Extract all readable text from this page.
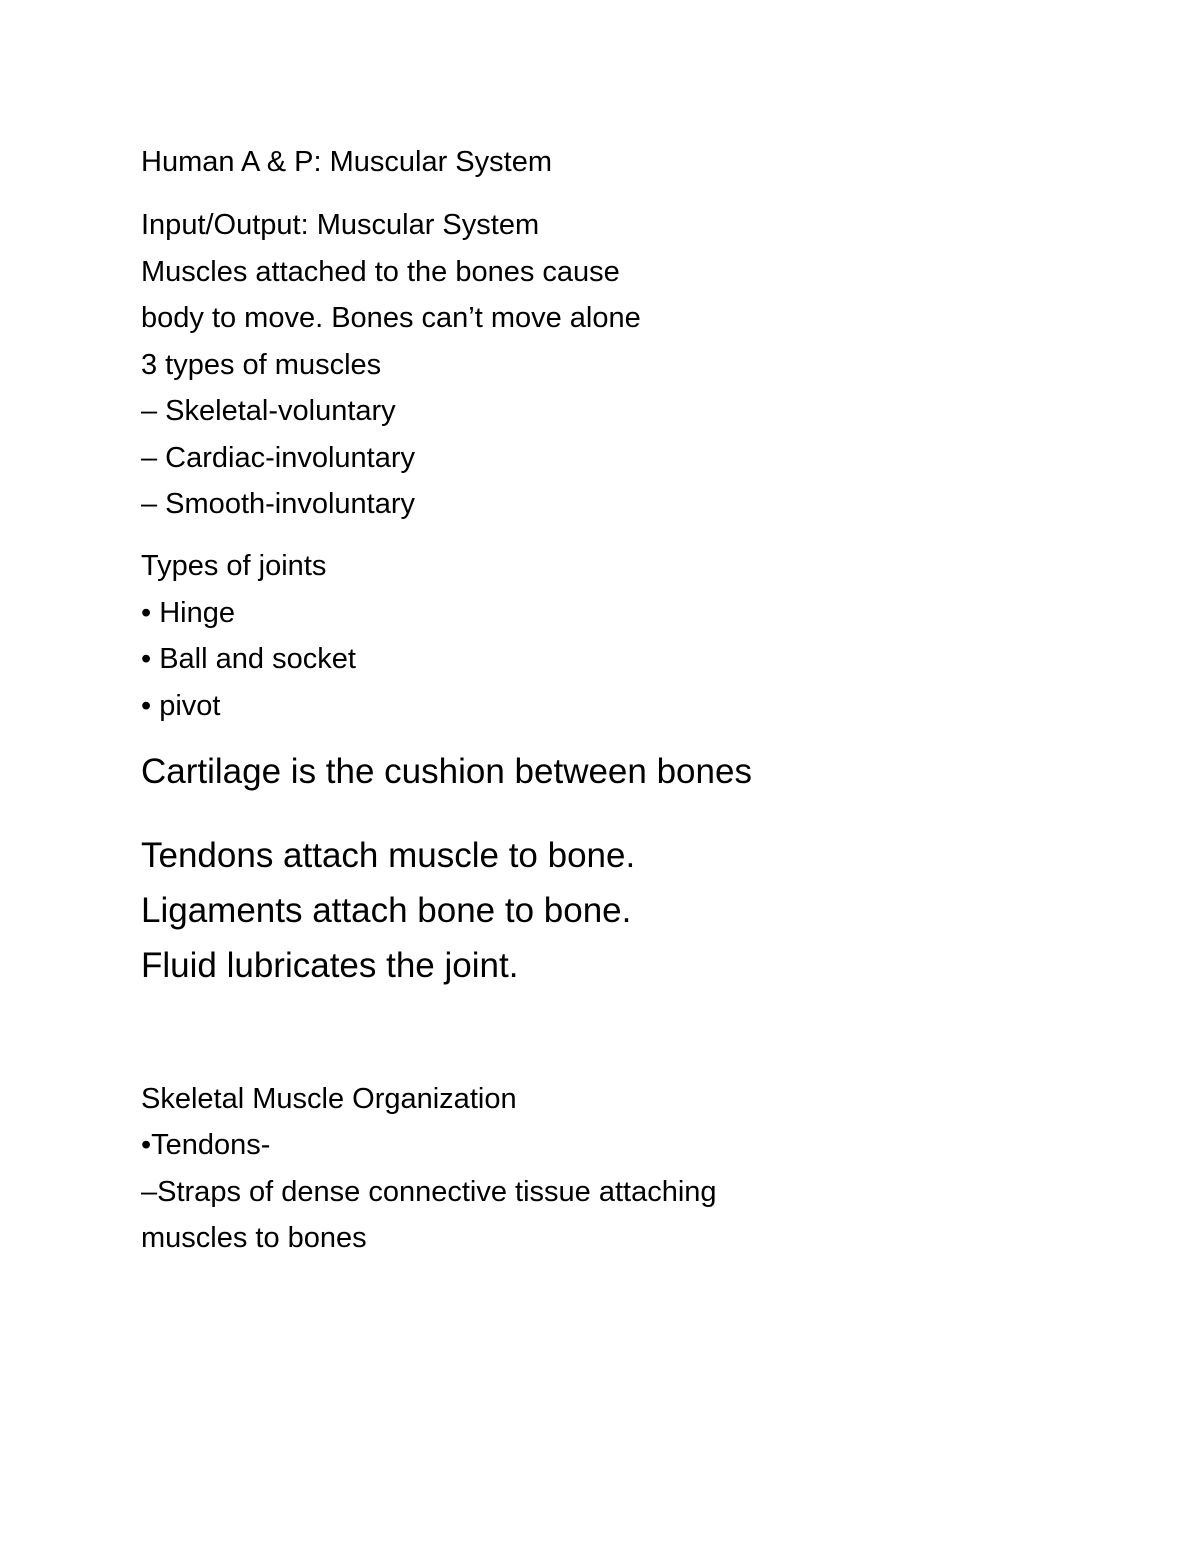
Human A & P: Muscular System

Input/Output: Muscular System

Muscles attached to the bones cause

body to move. Bones can’t move alone

3 types of muscles

– Skeletal-voluntary

– Cardiac-involuntary

– Smooth-involuntary

Types of joints

• Hinge

• Ball and socket

• pivot

Cartilage is the cushion between bones

Tendons attach muscle to bone.

Ligaments attach bone to bone.

Fluid lubricates the joint.

Skeletal Muscle Organization

•Tendons-

–Straps of dense connective tissue attaching

muscles to bones
